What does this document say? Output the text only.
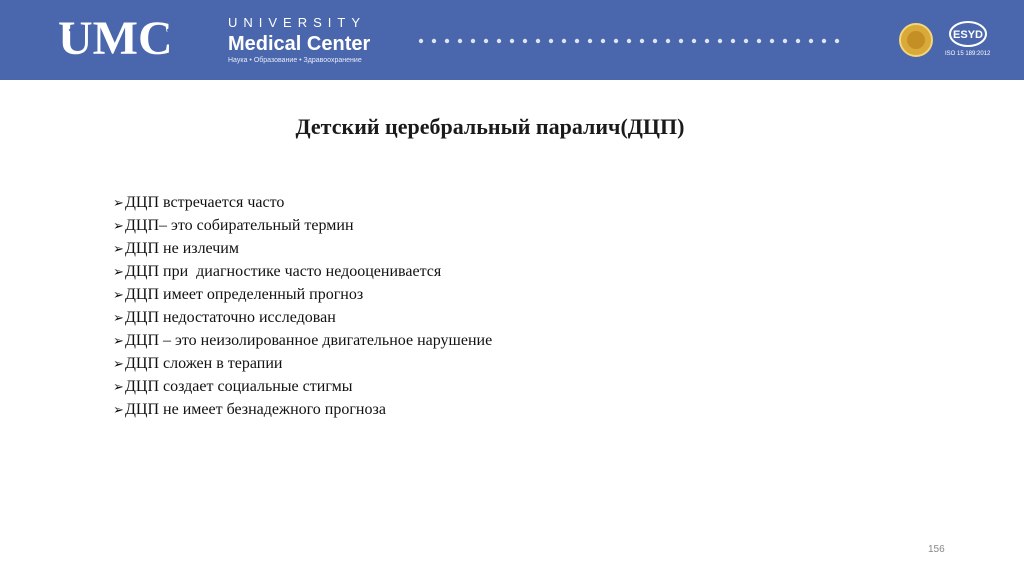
UMC	UNIVERSITY
Medical Center
Наука • Образование • Здравоохранение
ESYD
ISO 15 189:2012
Детский церебральный паралич(ДЦП)
➢ДЦП встречается часто
➢ДЦП– это собирательный термин
➢ДЦП не излечим
➢ДЦП при  диагностике часто недооценивается
➢ДЦП имеет определенный прогноз
➢ДЦП недостаточно исследован
➢ДЦП – это неизолированное двигательное нарушение
➢ДЦП сложен в терапии
➢ДЦП создает социальные стигмы
➢ДЦП не имеет безнадежного прогноза
156
